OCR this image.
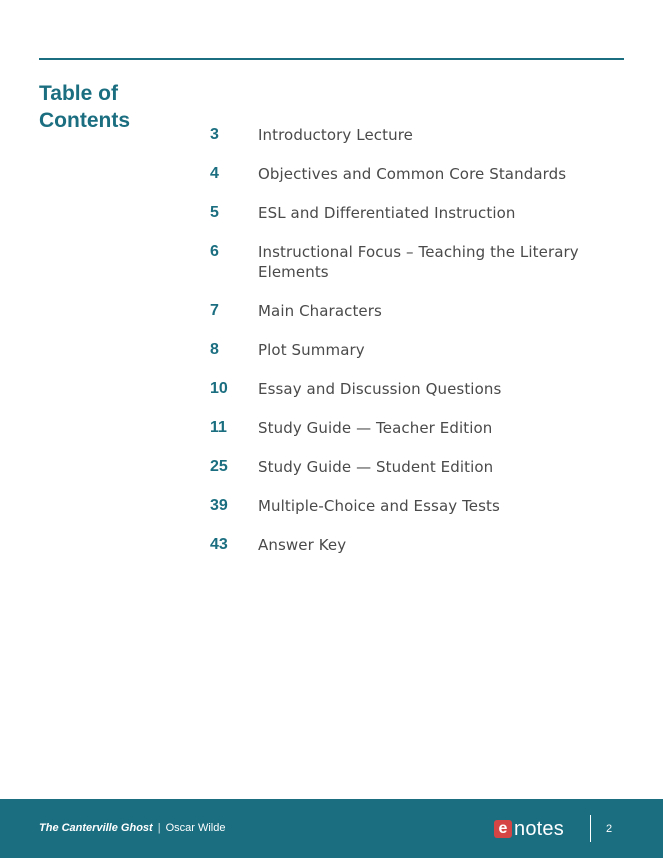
Table of Contents
3	Introductory Lecture
4	Objectives and Common Core Standards
5	ESL and Differentiated Instruction
6	Instructional Focus – Teaching the Literary Elements
7	Main Characters
8	Plot Summary
10	Essay and Discussion Questions
11	Study Guide — Teacher Edition
25	Study Guide — Student Edition
39	Multiple-Choice and Essay Tests
43	Answer Key
The Canterville Ghost | Oscar Wilde	e notes	2
